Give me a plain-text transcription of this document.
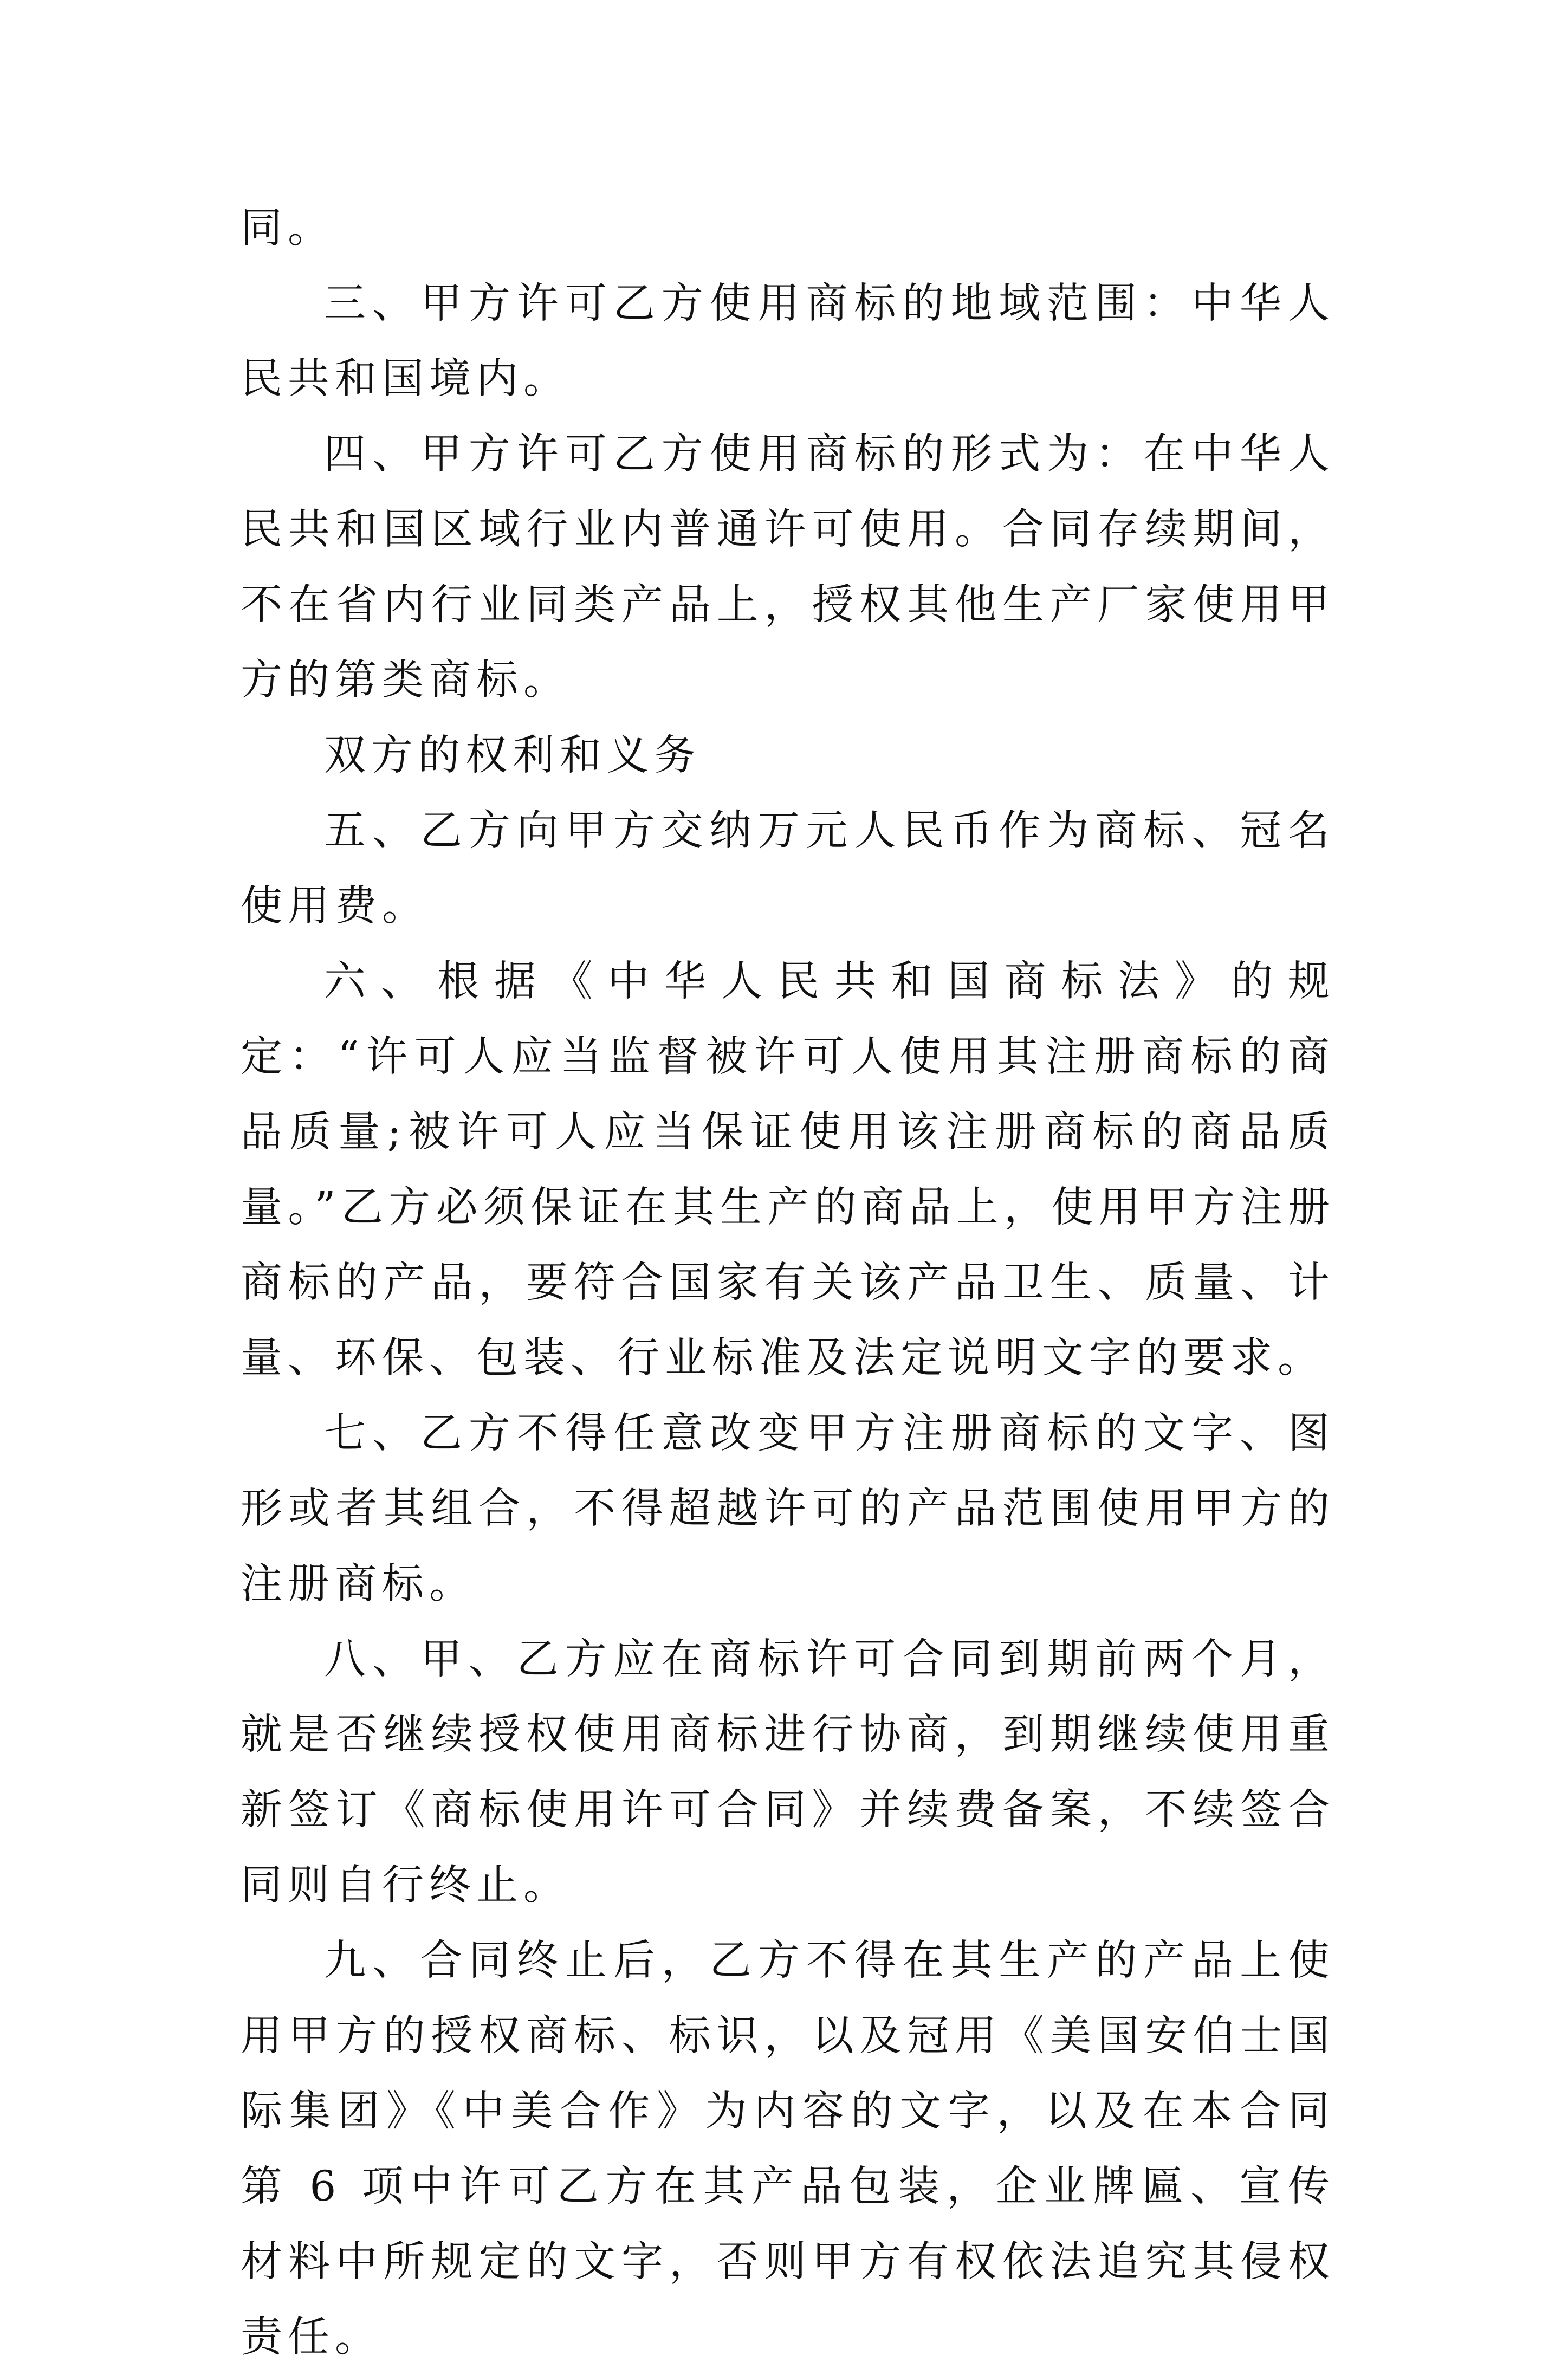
同。

三、甲方许可乙方使用商标的地域范围：中华人民共和国境内。

四、甲方许可乙方使用商标的形式为：在中华人民共和国区域行业内普通许可使用。合同存续期间，不在省内行业同类产品上，授权其他生产厂家使用甲方的第类商标。

双方的权利和义务

五、乙方向甲方交纳万元人民币作为商标、冠名使用费。

六、根据《中华人民共和国商标法》的规定：“许可人应当监督被许可人使用其注册商标的商品质量;被许可人应当保证使用该注册商标的商品质量。”乙方必须保证在其生产的商品上，使用甲方注册商标的产品，要符合国家有关该产品卫生、质量、计量、环保、包装、行业标准及法定说明文字的要求。

七、乙方不得任意改变甲方注册商标的文字、图形或者其组合，不得超越许可的产品范围使用甲方的注册商标。

八、甲、乙方应在商标许可合同到期前两个月，就是否继续授权使用商标进行协商，到期继续使用重新签订《商标使用许可合同》并续费备案，不续签合同则自行终止。

九、合同终止后，乙方不得在其生产的产品上使用甲方的授权商标、标识，以及冠用《美国安伯士国际集团》《中美合作》为内容的文字，以及在本合同第 6 项中许可乙方在其产品包装，企业牌匾、宣传材料中所规定的文字，否则甲方有权依法追究其侵权责任。
